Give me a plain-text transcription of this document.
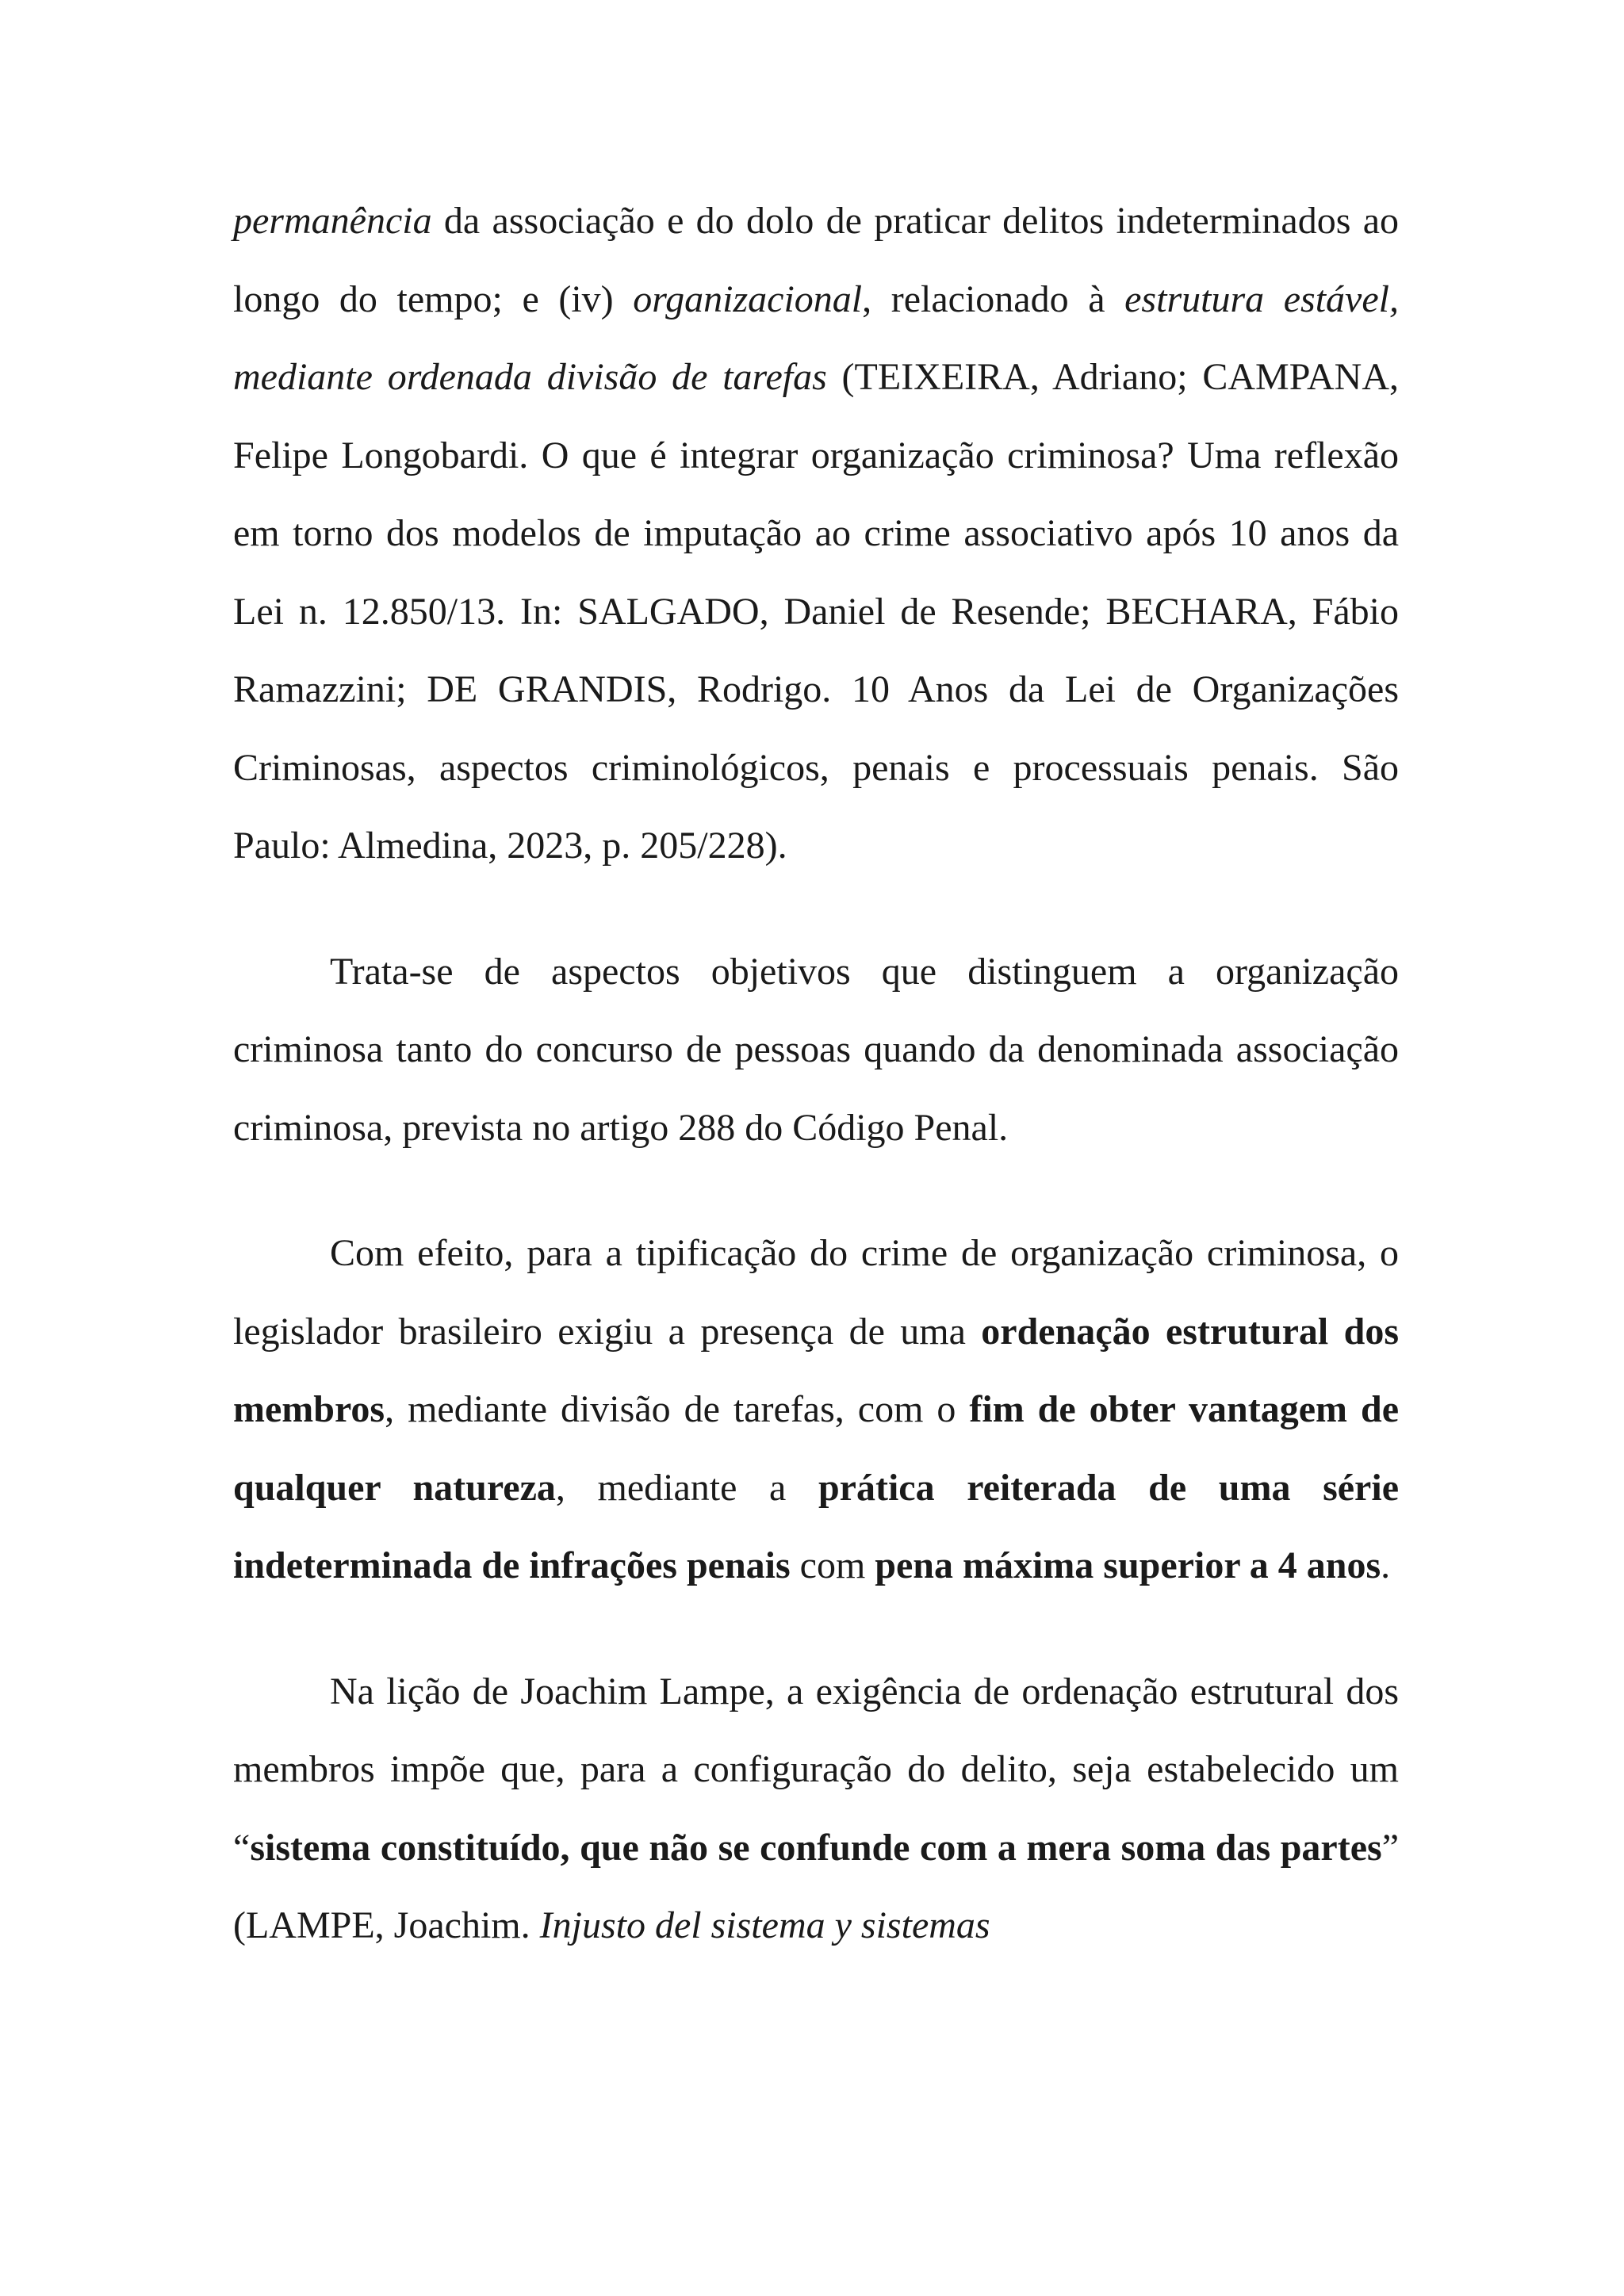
permanência da associação e do dolo de praticar delitos indeterminados ao longo do tempo; e (iv) organizacional, relacionado à estrutura estável, mediante ordenada divisão de tarefas (TEIXEIRA, Adriano; CAMPANA, Felipe Longobardi. O que é integrar organização criminosa? Uma reflexão em torno dos modelos de imputação ao crime associativo após 10 anos da Lei n. 12.850/13. In: SALGADO, Daniel de Resende; BECHARA, Fábio Ramazzini; DE GRANDIS, Rodrigo. 10 Anos da Lei de Organizações Criminosas, aspectos criminológicos, penais e processuais penais. São Paulo: Almedina, 2023, p. 205/228).

Trata-se de aspectos objetivos que distinguem a organização criminosa tanto do concurso de pessoas quando da denominada associação criminosa, prevista no artigo 288 do Código Penal.

Com efeito, para a tipificação do crime de organização criminosa, o legislador brasileiro exigiu a presença de uma ordenação estrutural dos membros, mediante divisão de tarefas, com o fim de obter vantagem de qualquer natureza, mediante a prática reiterada de uma série indeterminada de infrações penais com pena máxima superior a 4 anos.

Na lição de Joachim Lampe, a exigência de ordenação estrutural dos membros impõe que, para a configuração do delito, seja estabelecido um “sistema constituído, que não se confunde com a mera soma das partes” (LAMPE, Joachim. Injusto del sistema y sistemas
